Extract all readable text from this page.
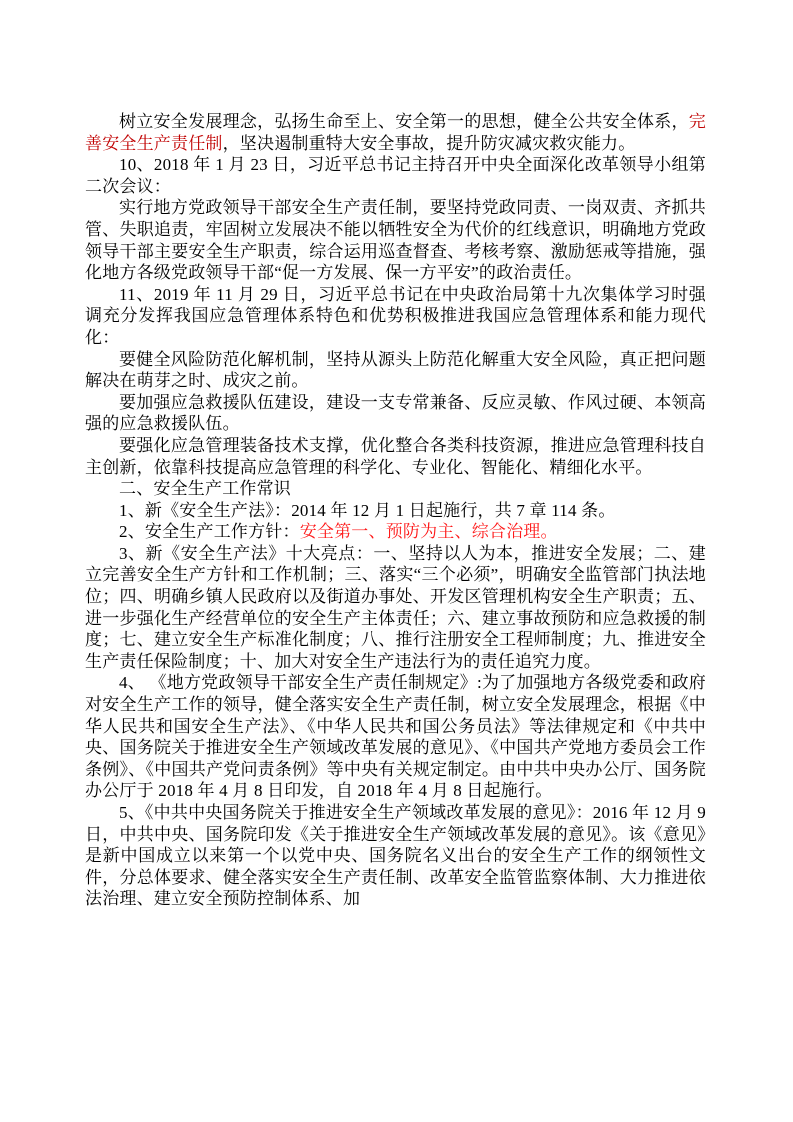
树立安全发展理念，弘扬生命至上、安全第一的思想，健全公共安全体系，完善安全生产责任制，坚决遏制重特大安全事故，提升防灾减灾救灾能力。

10、2018 年 1 月 23 日，习近平总书记主持召开中央全面深化改革领导小组第二次会议：

实行地方党政领导干部安全生产责任制，要坚持党政同责、一岗双责、齐抓共管、失职追责，牢固树立发展决不能以牺牲安全为代价的红线意识，明确地方党政领导干部主要安全生产职责，综合运用巡查督查、考核考察、激励惩戒等措施，强化地方各级党政领导干部“促一方发展、保一方平安”的政治责任。

11、2019 年 11 月 29 日，习近平总书记在中央政治局第十九次集体学习时强调充分发挥我国应急管理体系特色和优势积极推进我国应急管理体系和能力现代化：

要健全风险防范化解机制，坚持从源头上防范化解重大安全风险，真正把问题解决在萌芽之时、成灾之前。

要加强应急救援队伍建设，建设一支专常兼备、反应灵敏、作风过硬、本领高强的应急救援队伍。

要强化应急管理装备技术支撑，优化整合各类科技资源，推进应急管理科技自主创新，依靠科技提高应急管理的科学化、专业化、智能化、精细化水平。

二、安全生产工作常识

1、新《安全生产法》：2014 年 12 月 1 日起施行，共 7 章 114 条。

2、安全生产工作方针：安全第一、预防为主、综合治理。

3、新《安全生产法》十大亮点：一、坚持以人为本，推进安全发展；二、建立完善安全生产方针和工作机制；三、落实“三个必须”，明确安全监管部门执法地位；四、明确乡镇人民政府以及街道办事处、开发区管理机构安全生产职责；五、进一步强化生产经营单位的安全生产主体责任；六、建立事故预防和应急救援的制度；七、建立安全生产标准化制度；八、推行注册安全工程师制度；九、推进安全生产责任保险制度；十、加大对安全生产违法行为的责任追究力度。

4、 《地方党政领导干部安全生产责任制规定》:为了加强地方各级党委和政府对安全生产工作的领导，健全落实安全生产责任制，树立安全发展理念，根据《中华人民共和国安全生产法》、《中华人民共和国公务员法》等法律规定和《中共中央、国务院关于推进安全生产领域改革发展的意见》、《中国共产党地方委员会工作条例》、《中国共产党问责条例》等中央有关规定制定。由中共中央办公厅、国务院办公厅于 2018 年 4 月 8 日印发，自 2018 年 4 月 8 日起施行。

5、《中共中央国务院关于推进安全生产领域改革发展的意见》：2016 年 12 月 9 日，中共中央、国务院印发《关于推进安全生产领域改革发展的意见》。该《意见》是新中国成立以来第一个以党中央、国务院名义出台的安全生产工作的纲领性文件，分总体要求、健全落实安全生产责任制、改革安全监管监察体制、大力推进依法治理、建立安全预防控制体系、加
